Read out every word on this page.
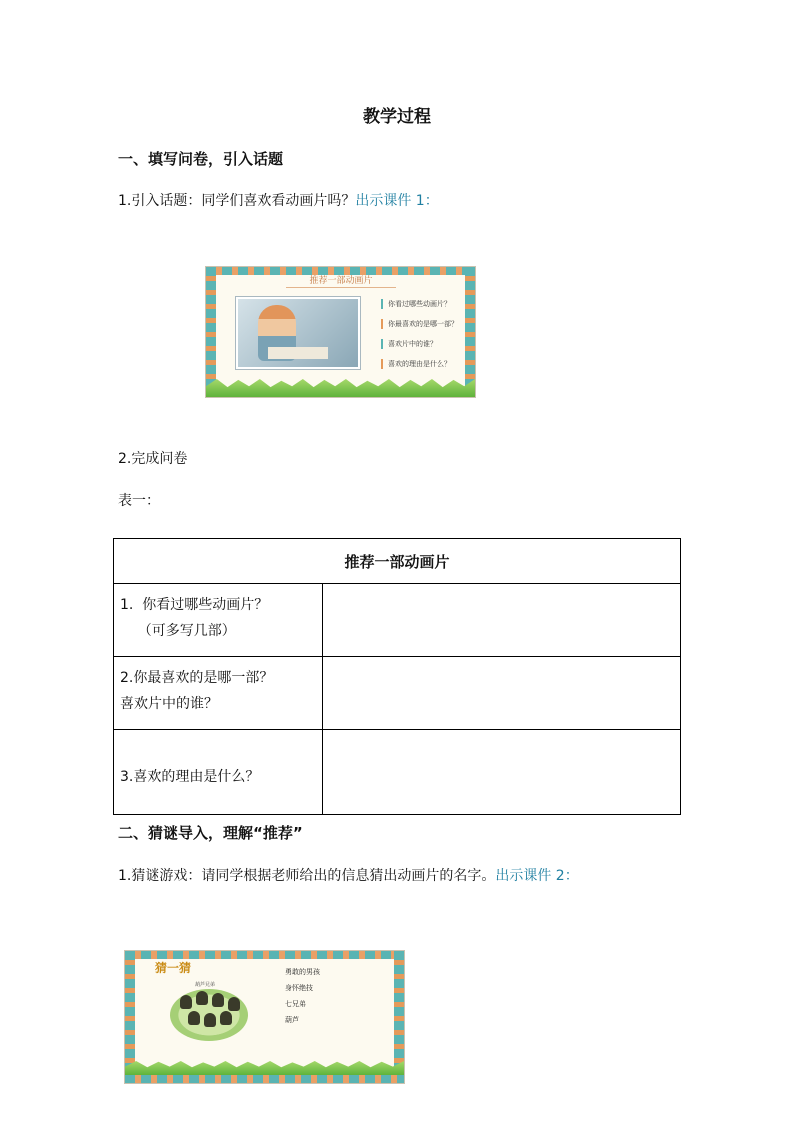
教学过程
一、填写问卷，引入话题
1.引入话题：同学们喜欢看动画片吗？出示课件 1：
推荐一部动画片
你看过哪些动画片？
你最喜欢的是哪一部？
喜欢片中的谁？
喜欢的理由是什么？
2.完成问卷
表一：
推荐一部动画片	

1.  你看过哪些动画片？
（可多写几部）	

2.你最喜欢的是哪一部？
喜欢片中的谁？	

3.喜欢的理由是什么？	

二、猜谜导入，理解“推荐”
1.猜谜游戏：请同学根据老师给出的信息猜出动画片的名字。出示课件 2：
猜一猜
葫芦兄弟
勇敢的男孩
身怀绝技
七兄弟
葫芦
